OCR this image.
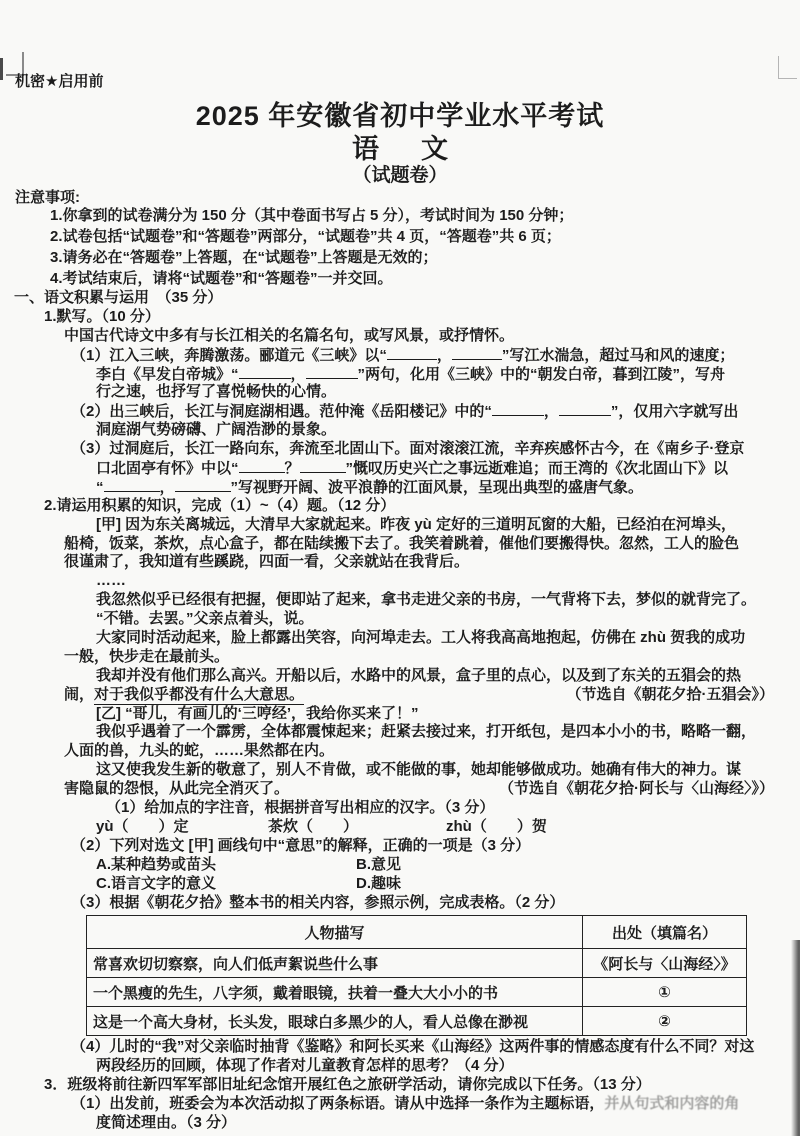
机密★启用前
2025 年安徽省初中学业水平考试
语 文
（试题卷）
注意事项:
1.你拿到的试卷满分为 150 分（其中卷面书写占 5 分），考试时间为 150 分钟；
2.试卷包括“试题卷”和“答题卷”两部分，“试题卷”共 4 页，“答题卷”共 6 页；
3.请务必在“答题卷”上答题，在“试题卷”上答题是无效的；
4.考试结束后，请将“试题卷”和“答题卷”一并交回。
一、语文积累与运用　（35 分）
1.默写。（10 分）
中国古代诗文中多有与长江相关的名篇名句，或写风景，或抒情怀。
（1）江入三峡，奔腾激荡。郦道元《三峡》以“	，	”写江水湍急，超过马和风的速度；
李白《早发白帝城》“	，	”两句，化用《三峡》中的“朝发白帝，暮到江陵”，写舟
行之速，也抒写了喜悦畅快的心情。
（2）出三峡后，长江与洞庭湖相遇。范仲淹《岳阳楼记》中的“	，	”，仅用六字就写出
洞庭湖气势磅礴、广阔浩渺的景象。
（3）过洞庭后，长江一路向东，奔流至北固山下。面对滚滚江流，辛弃疾感怀古今，在《南乡子·登京
口北固亭有怀》中以“	？	”慨叹历史兴亡之事远逝难追；而王湾的《次北固山下》以
“	，	”写视野开阔、波平浪静的江面风景，呈现出典型的盛唐气象。
2.请运用积累的知识，完成（1）~（4）题。（12 分）
[甲] 因为东关离城远，大清早大家就起来。昨夜 yù 定好的三道明瓦窗的大船，已经泊在河埠头，
船椅，饭菜，茶炊，点心盒子，都在陆续搬下去了。我笑着跳着，催他们要搬得快。忽然，工人的脸色
很谨肃了，我知道有些蹊跷，四面一看，父亲就站在我背后。
……
我忽然似乎已经很有把握，便即站了起来，拿书走进父亲的书房，一气背将下去，梦似的就背完了。
“不错。去罢。”父亲点着头，说。
大家同时活动起来，脸上都露出笑容，向河埠走去。工人将我高高地抱起，仿佛在 zhù 贺我的成功
一般，快步走在最前头。
我却并没有他们那么高兴。开船以后，水路中的风景，盒子里的点心，以及到了东关的五猖会的热
闹，对于我似乎都没有什么大意思。	（节选自《朝花夕拾·五猖会》）
[乙] “哥儿，有画儿的‘三哼经’，我给你买来了！”
我似乎遇着了一个霹雳，全体都震悚起来；赶紧去接过来，打开纸包，是四本小小的书，略略一翻，
人面的兽，九头的蛇，……果然都在内。
这又使我发生新的敬意了，别人不肯做，或不能做的事，她却能够做成功。她确有伟大的神力。谋
害隐鼠的怨恨，从此完全消灭了。	（节选自《朝花夕拾·阿长与〈山海经〉》）
（1）给加点的字注音，根据拼音写出相应的汉字。（3 分）
yù（　　）定	茶炊（　　）	zhù（　　）贺
（2）下列对选文 [甲] 画线句中“意思”的解释，正确的一项是（3 分）
A.某种趋势或苗头	B.意见
C.语言文字的意义	D.趣味
（3）根据《朝花夕拾》整本书的相关内容，参照示例，完成表格。（2 分）
人物描写	出处（填篇名）
常喜欢切切察察，向人们低声絮说些什么事	《阿长与〈山海经〉》
一个黑瘦的先生，八字须，戴着眼镜，扶着一叠大大小小的书	①
这是一个高大身材，长头发，眼球白多黑少的人，看人总像在渺视	②
（4）儿时的“我”对父亲临时抽背《鉴略》和阿长买来《山海经》这两件事的情感态度有什么不同？对这
两段经历的回顾，体现了作者对儿童教育怎样的思考？（4 分）
3．班级将前往新四军军部旧址纪念馆开展红色之旅研学活动，请你完成以下任务。（13 分）
（1）出发前，班委会为本次活动拟了两条标语。请从中选择一条作为主题标语，并从句式和内容的角
度简述理由。（3 分）
